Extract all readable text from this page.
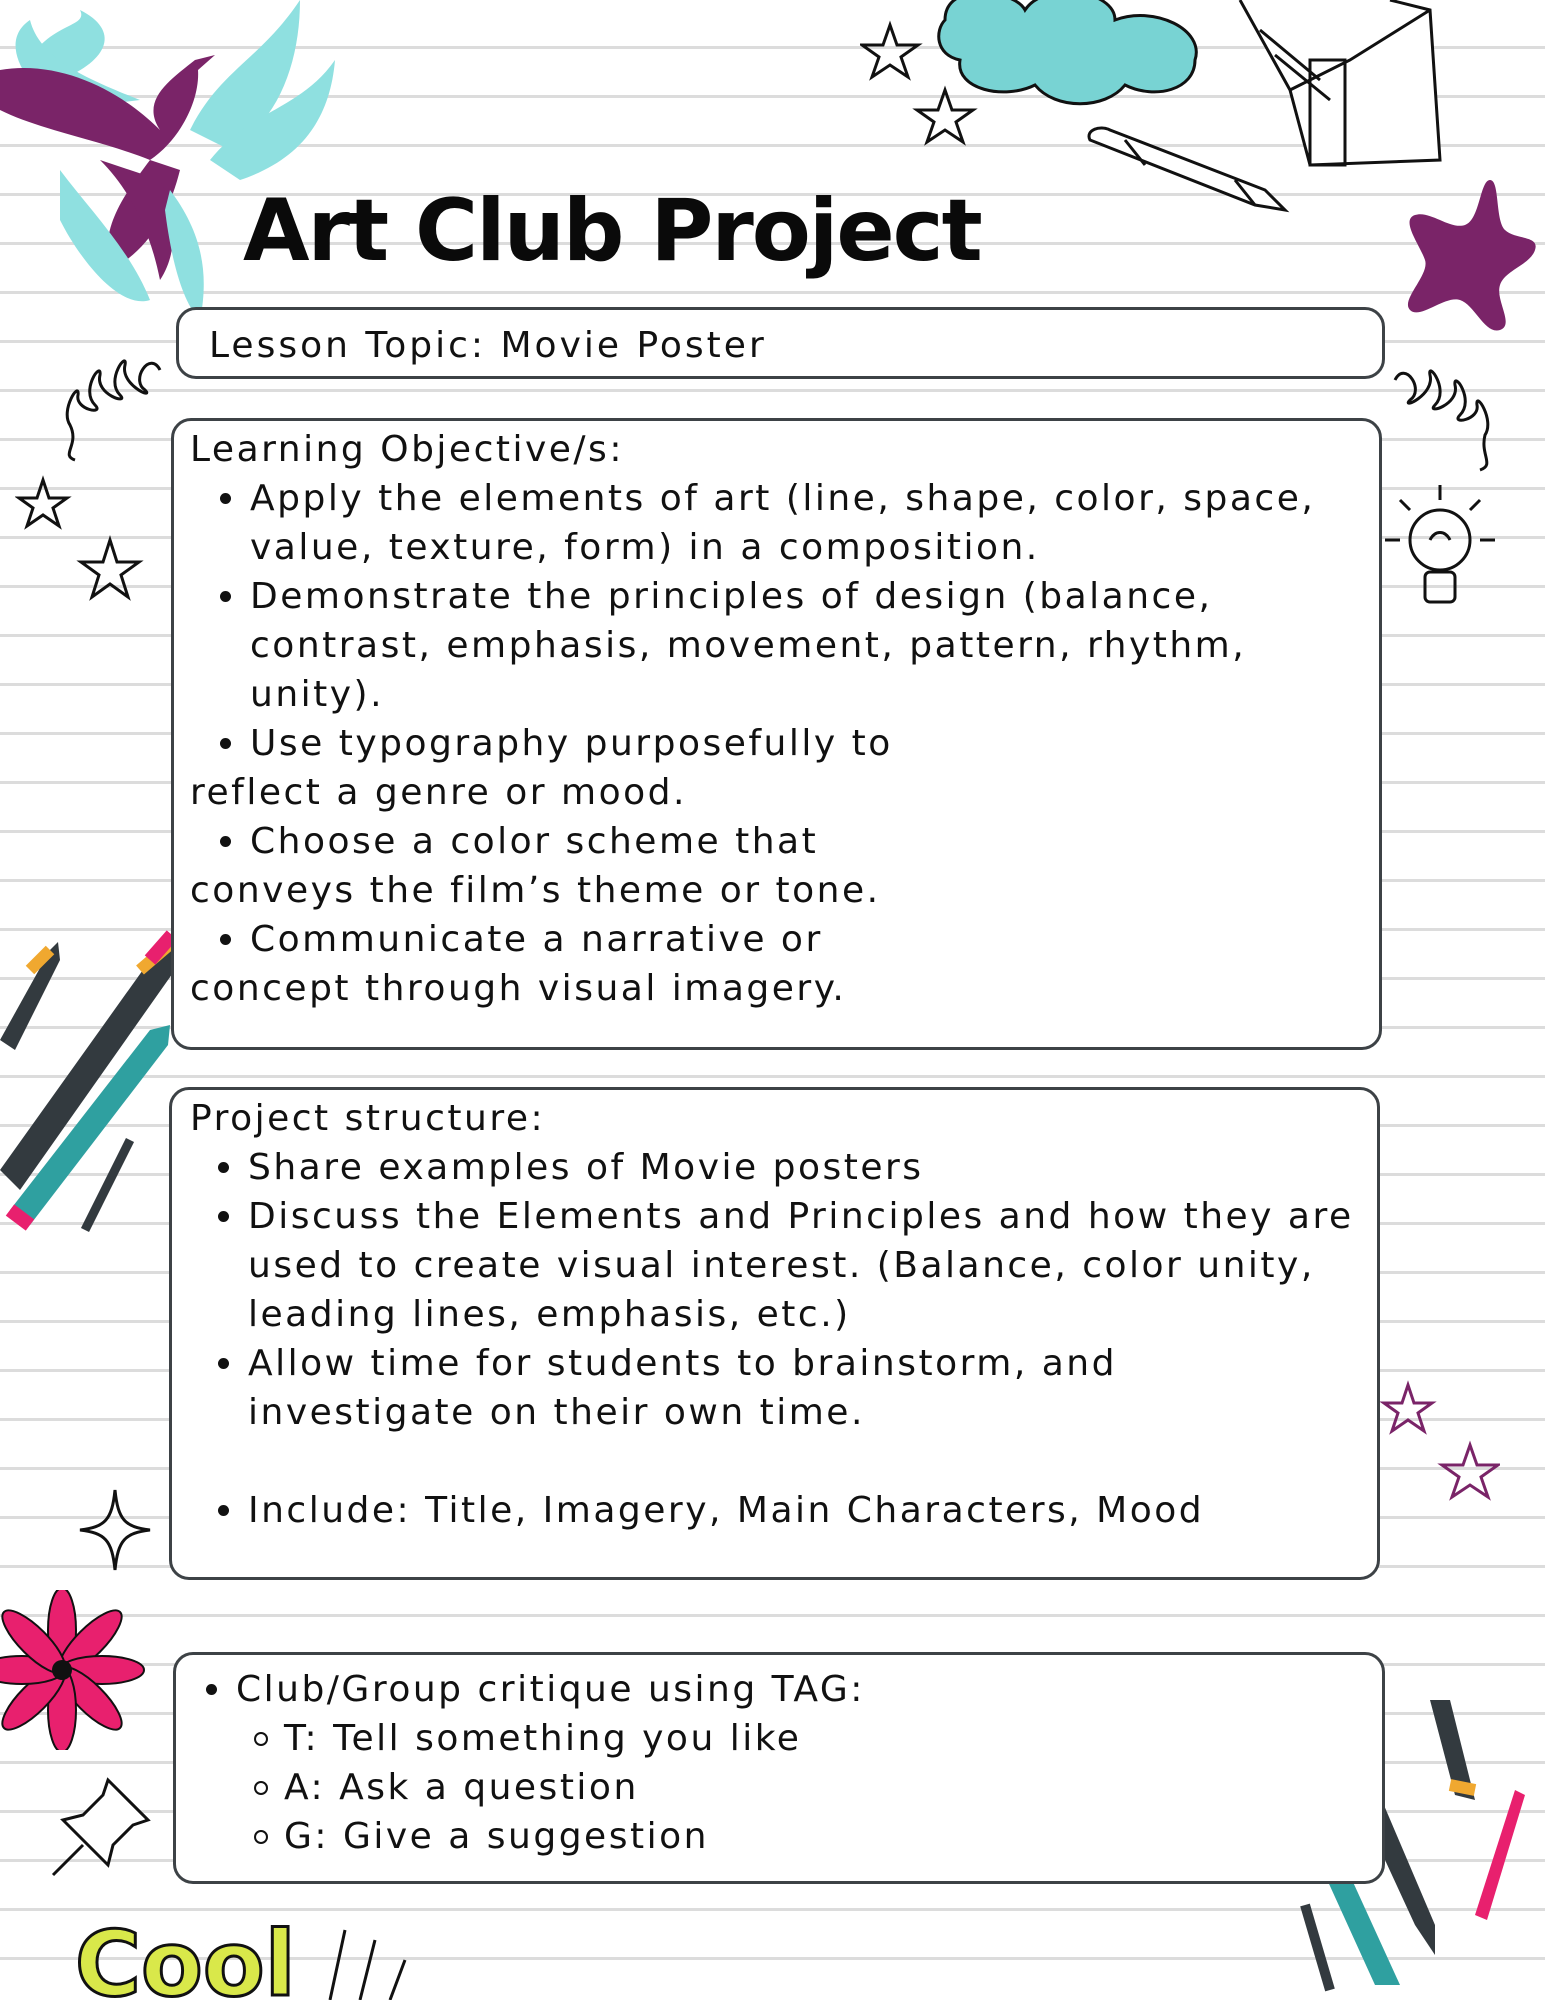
Cool
Art Club Project

Lesson Topic: Movie Poster

Learning Objective/s:

Apply the elements of art (line, shape, color, space, value, texture, form) in a composition.
Demonstrate the principles of design (balance, contrast, emphasis, movement, pattern, rhythm, unity).
Use typography purposefully to
reflect a genre or mood.
Choose a color scheme that
conveys the film’s theme or tone.
Communicate a narrative or
concept through visual imagery.

Project structure:

Share examples of Movie posters
Discuss the Elements and Principles and how they are used to create visual interest. (Balance, color unity, leading lines, emphasis, etc.)
Allow time for students to brainstorm, and investigate on their own time.
Include: Title, Imagery, Main Characters, Mood
Club/Group critique using TAG:
T: Tell something you like
A: Ask a question
G: Give a suggestion
